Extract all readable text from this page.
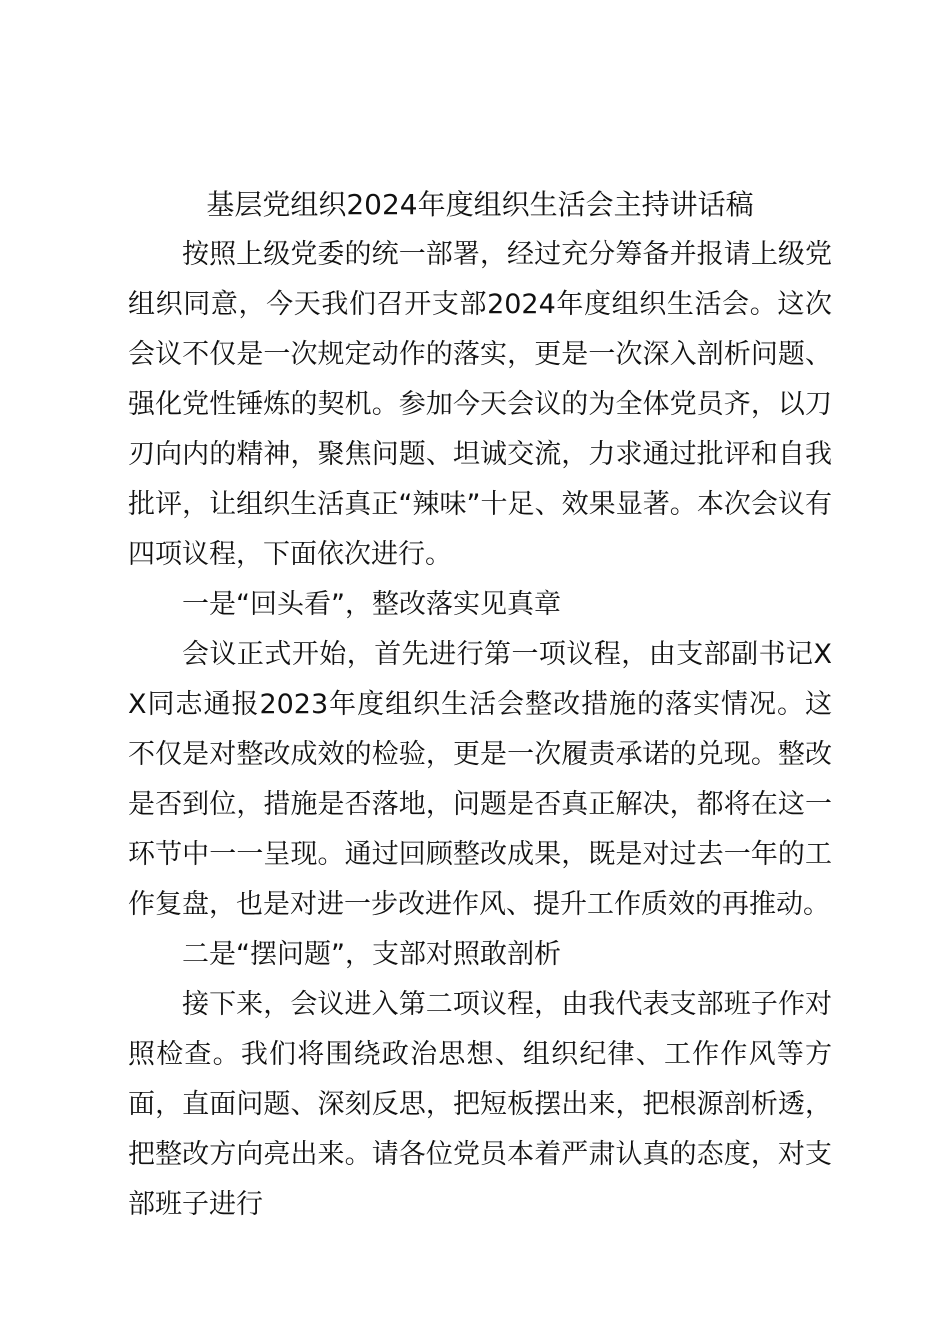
基层党组织2024年度组织生活会主持讲话稿

按照上级党委的统一部署，经过充分筹备并报请上级党组织同意，今天我们召开支部2024年度组织生活会。这次会议不仅是一次规定动作的落实，更是一次深入剖析问题、强化党性锤炼的契机。参加今天会议的为全体党员齐，以刀刃向内的精神，聚焦问题、坦诚交流，力求通过批评和自我批评，让组织生活真正“辣味”十足、效果显著。本次会议有四项议程，下面依次进行。

一是“回头看”，整改落实见真章

会议正式开始，首先进行第一项议程，由支部副书记XX同志通报2023年度组织生活会整改措施的落实情况。这不仅是对整改成效的检验，更是一次履责承诺的兑现。整改是否到位，措施是否落地，问题是否真正解决，都将在这一环节中一一呈现。通过回顾整改成果，既是对过去一年的工作复盘，也是对进一步改进作风、提升工作质效的再推动。

二是“摆问题”，支部对照敢剖析

接下来，会议进入第二项议程，由我代表支部班子作对照检查。我们将围绕政治思想、组织纪律、工作作风等方面，直面问题、深刻反思，把短板摆出来，把根源剖析透，把整改方向亮出来。请各位党员本着严肃认真的态度，对支部班子进行
